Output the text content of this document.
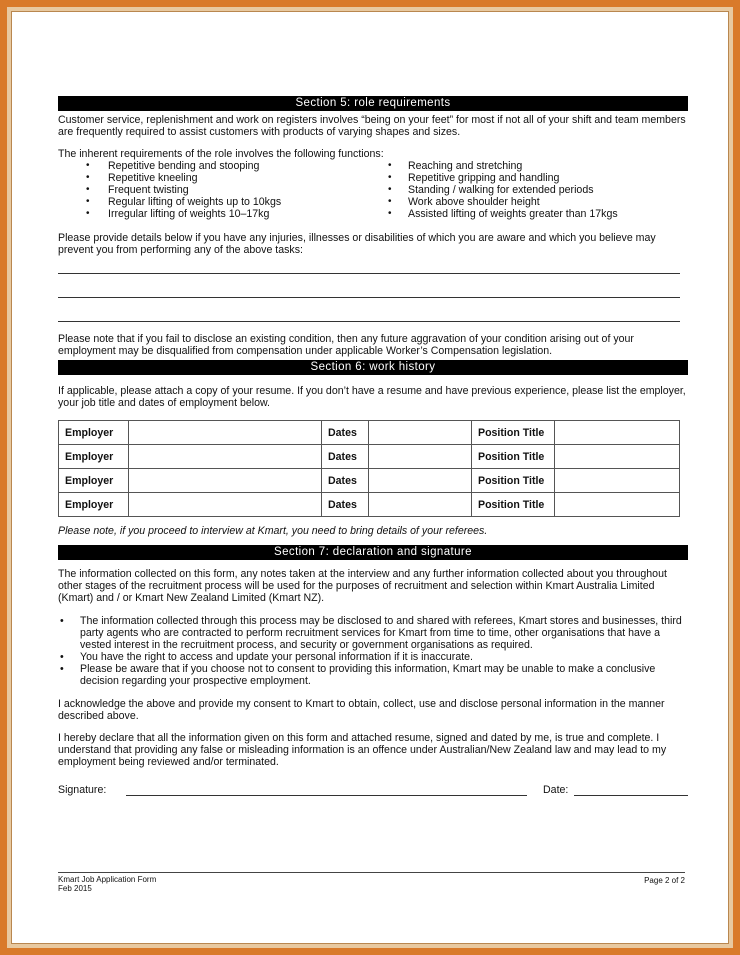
Section 5: role requirements

Customer service, replenishment and work on registers involves “being on your feet” for most if not all of your shift and team members are frequently required to assist customers with products of varying shapes and sizes.

The inherent requirements of the role involves the following functions:

• Repetitive bending and stooping
• Repetitive kneeling
• Frequent twisting
• Regular lifting of weights up to 10kgs
• Irregular lifting of weights 10–17kg
• Reaching and stretching
• Repetitive gripping and handling
• Standing / walking for extended periods
• Work above shoulder height
• Assisted lifting of weights greater than 17kgs

Please provide details below if you have any injuries, illnesses or disabilities of which you are aware and which you believe may prevent you from performing any of the above tasks:

Please note that if you fail to disclose an existing condition, then any future aggravation of your condition arising out of your employment may be disqualified from compensation under applicable Worker’s Compensation legislation.

Section 6: work history

If applicable, please attach a copy of your resume. If you don’t have a resume and have previous experience, please list the employer, your job title and dates of employment below.

Employer		Dates		Position Title	
Employer		Dates		Position Title	
Employer		Dates		Position Title	
Employer		Dates		Position Title	

Please note, if you proceed to interview at Kmart, you need to bring details of your referees.

Section 7: declaration and signature

The information collected on this form, any notes taken at the interview and any further information collected about you throughout other stages of the recruitment process will be used for the purposes of recruitment and selection within Kmart Australia Limited (Kmart) and / or Kmart New Zealand Limited (Kmart NZ).

• The information collected through this process may be disclosed to and shared with referees, Kmart stores and businesses, third party agents who are contracted to perform recruitment services for Kmart from time to time, other organisations that have a vested interest in the recruitment process, and security or government organisations as required.
• You have the right to access and update your personal information if it is inaccurate.
• Please be aware that if you choose not to consent to providing this information, Kmart may be unable to make a conclusive decision regarding your prospective employment.

I acknowledge the above and provide my consent to Kmart to obtain, collect, use and disclose personal information in the manner described above.

I hereby declare that all the information given on this form and attached resume, signed and dated by me, is true and complete. I understand that providing any false or misleading information is an offence under Australian/New Zealand law and may lead to my employment being reviewed and/or terminated.

Signature:	Date:
Kmart Job Application Form
Feb 2015
Page 2 of 2
